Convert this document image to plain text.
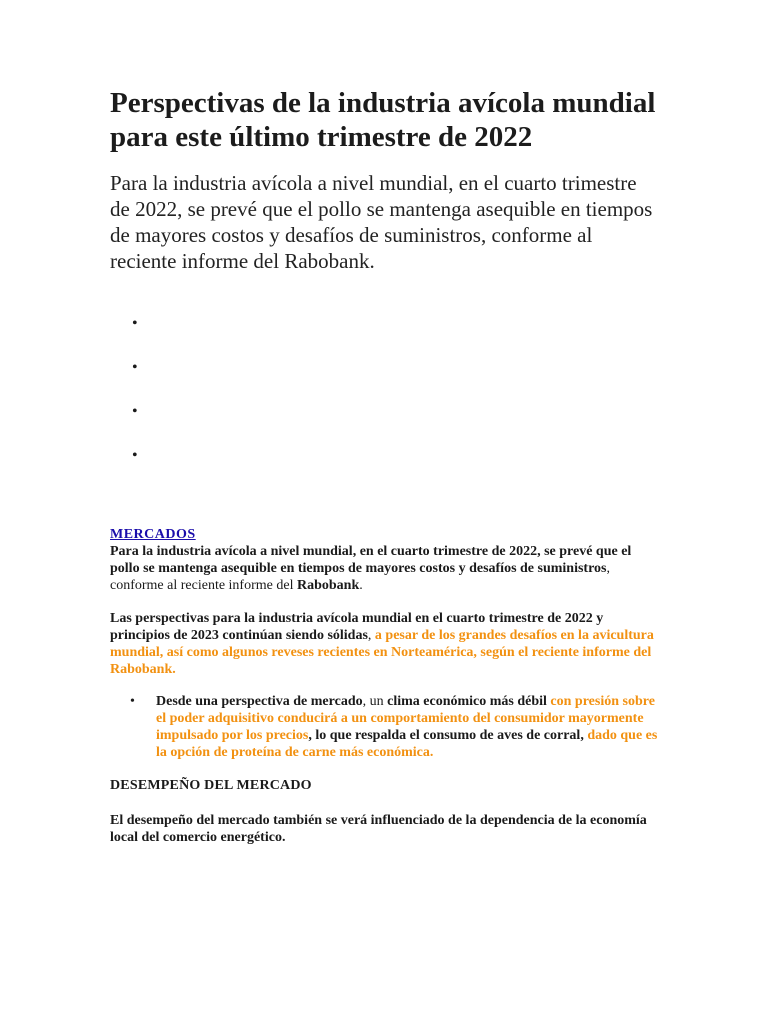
Perspectivas de la industria avícola mundial para este último trimestre de 2022

Para la industria avícola a nivel mundial, en el cuarto trimestre de 2022, se prevé que el pollo se mantenga asequible en tiempos de mayores costos y desafíos de suministros, conforme al reciente informe del Rabobank.

•
•
•
•
MERCADOS

Para la industria avícola a nivel mundial, en el cuarto trimestre de 2022, se prevé que el pollo se mantenga asequible en tiempos de mayores costos y desafíos de suministros, conforme al reciente informe del Rabobank.

Las perspectivas para la industria avícola mundial en el cuarto trimestre de 2022 y principios de 2023 continúan siendo sólidas, a pesar de los grandes desafíos en la avicultura mundial, así como algunos reveses recientes en Norteamérica, según el reciente informe del Rabobank.

• Desde una perspectiva de mercado, un clima económico más débil con presión sobre el poder adquisitivo conducirá a un comportamiento del consumidor mayormente impulsado por los precios, lo que respalda el consumo de aves de corral, dado que es la opción de proteína de carne más económica.
DESEMPEÑO DEL MERCADO

El desempeño del mercado también se verá influenciado de la dependencia de la economía local del comercio energético.
